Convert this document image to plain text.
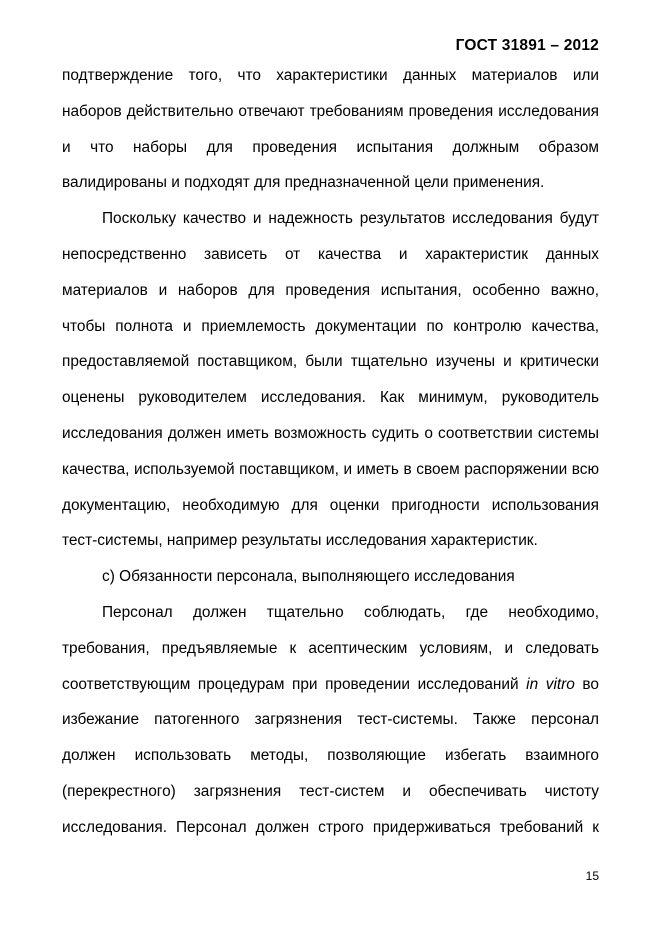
ГОСТ 31891 – 2012
подтверждение того, что характеристики данных материалов или
наборов действительно отвечают требованиям проведения исследования
и что наборы для проведения испытания должным образом
валидированы и подходят для предназначенной цели применения.
Поскольку качество и надежность результатов исследования будут
непосредственно зависеть от качества и характеристик данных
материалов и наборов для проведения испытания, особенно важно,
чтобы полнота и приемлемость документации по контролю качества,
предоставляемой поставщиком, были тщательно изучены и критически
оценены руководителем исследования. Как минимум, руководитель
исследования должен иметь возможность судить о соответствии системы
качества, используемой поставщиком, и иметь в своем распоряжении всю
документацию, необходимую для оценки пригодности использования
тест-системы, например результаты исследования характеристик.
c) Обязанности персонала, выполняющего исследования
Персонал должен тщательно соблюдать, где необходимо,
требования, предъявляемые к асептическим условиям, и следовать
соответствующим процедурам при проведении исследований in vitro во
избежание патогенного загрязнения тест-системы. Также персонал
должен использовать методы, позволяющие избегать взаимного
(перекрестного) загрязнения тест-систем и обеспечивать чистоту
исследования. Персонал должен строго придерживаться требований к
15
